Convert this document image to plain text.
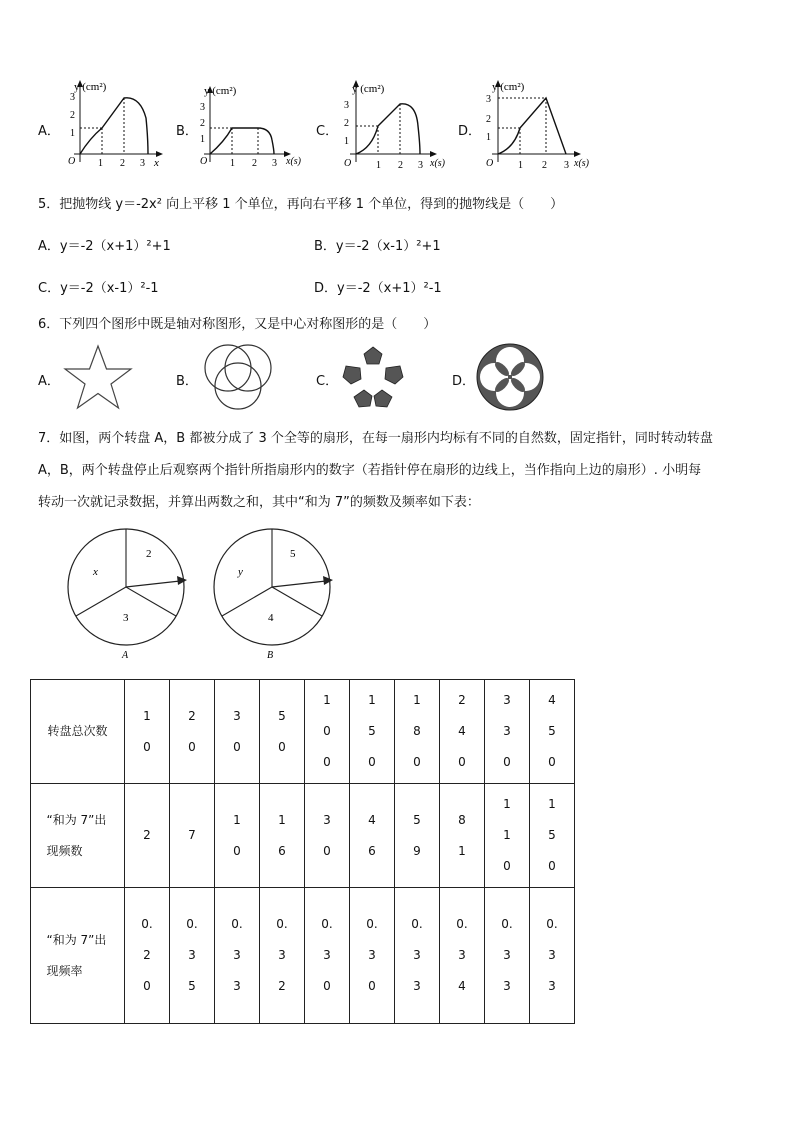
A．
y (cm²)
x
O
3
2
1
1 2 3
B．
y (cm²)
x(s)
O
3
2
1
1 2 3
C．
y (cm²)
x(s)
O
3
2
1
1 2 3
D．
y (cm²)
x(s)
O
3
2
1
1 2 3
5．把抛物线 y＝-2x² 向上平移 1 个单位，再向右平移 1 个单位，得到的抛物线是（　　）
A．y＝-2（x+1）²+1	B．y＝-2（x-1）²+1
C．y＝-2（x-1）²-1	D．y＝-2（x+1）²-1
6．下列四个图形中既是轴对称图形，又是中心对称图形的是（　　）
A．	B．	C．	D．
7．如图，两个转盘 A，B 都被分成了 3 个全等的扇形，在每一扇形内均标有不同的自然数，固定指针，同时转动转盘
A，B，两个转盘停止后观察两个指针所指扇形内的数字（若指针停在扇形的边线上，当作指向上边的扇形）. 小明每
转动一次就记录数据，并算出两数之和，其中“和为 7”的频数及频率如下表：
2
x
3
A
5
y
4
B
转盘总次数	10	20	30	50	100	150	180	240	330	450
“和为 7”出现频数	2	7	10	16	30	46	59	81	110	150
“和为 7”出现频率	0.20	0.35	0.33	0.32	0.30	0.30	0.33	0.34	0.33	0.33
